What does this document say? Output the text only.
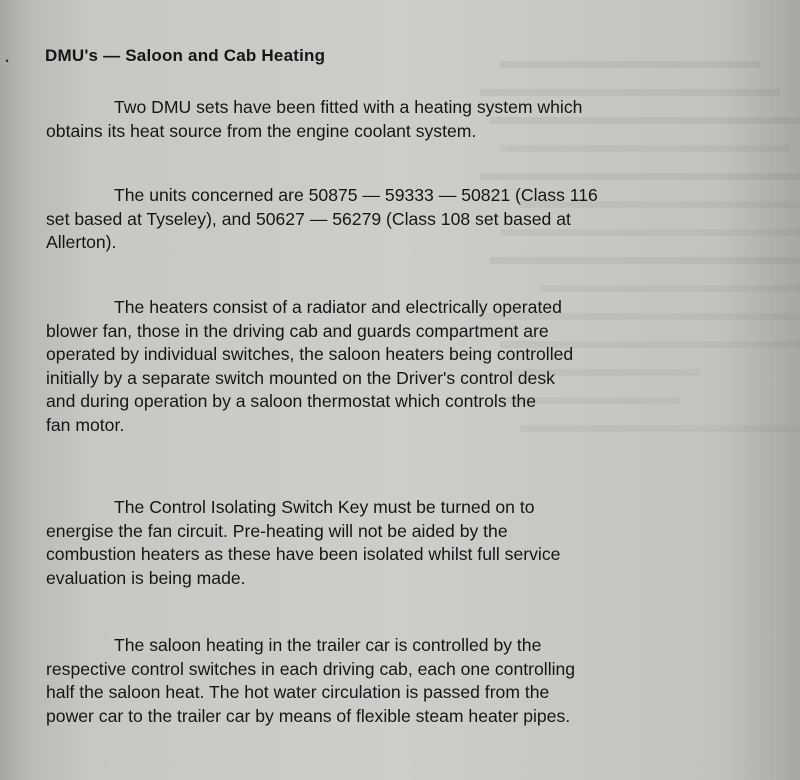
. DMU's — Saloon and Cab Heating
Two DMU sets have been fitted with a heating system which
obtains its heat source from the engine coolant system.
The units concerned are 50875 — 59333 — 50821 (Class 116
set based at Tyseley), and 50627 — 56279 (Class 108 set based at
Allerton).
The heaters consist of a radiator and electrically operated
blower fan, those in the driving cab and guards compartment are
operated by individual switches, the saloon heaters being controlled
initially by a separate switch mounted on the Driver's control desk
and during operation by a saloon thermostat which controls the
fan motor.
The Control Isolating Switch Key must be turned on to
energise the fan circuit. Pre-heating will not be aided by the
combustion heaters as these have been isolated whilst full service
evaluation is being made.
The saloon heating in the trailer car is controlled by the
respective control switches in each driving cab, each one controlling
half the saloon heat. The hot water circulation is passed from the
power car to the trailer car by means of flexible steam heater pipes.
